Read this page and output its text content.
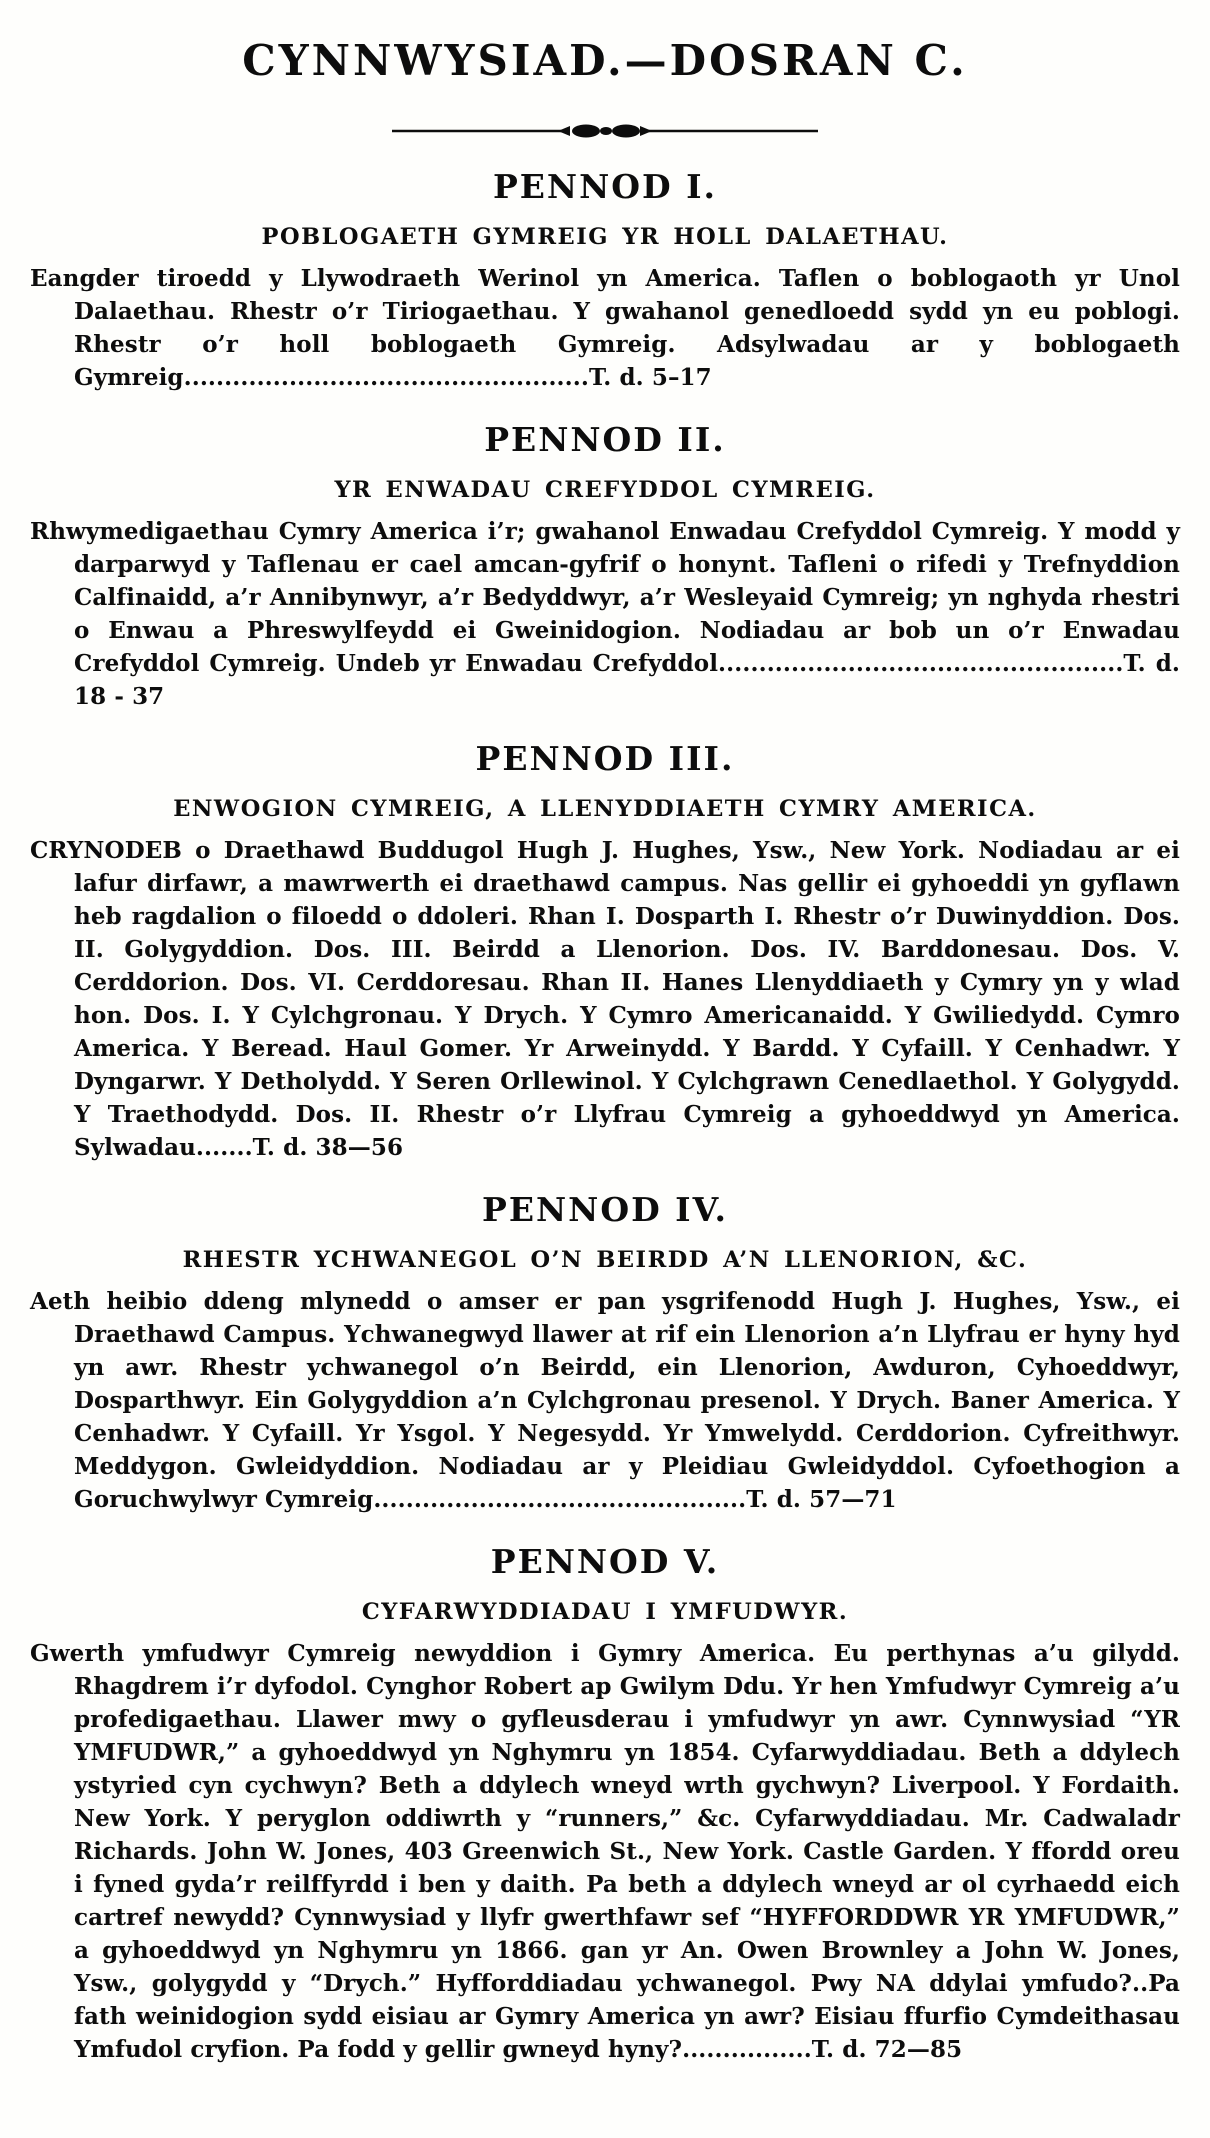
CYNNWYSIAD.—DOSRAN C.
PENNOD I.
POBLOGAETH GYMREIG YR HOLL DALAETHAU.

Eangder tiroedd y Llywodraeth Werinol yn America. Taflen o boblogaoth yr Unol Dalaethau. Rhestr o’r Tiriogaethau. Y gwahanol genedloedd sydd yn eu poblogi. Rhestr o’r holl boblogaeth Gymreig. Adsylwadau ar y boblogaeth Gymreig..................................................T. d. 5–17

PENNOD II.
YR ENWADAU CREFYDDOL CYMREIG.

Rhwymedigaethau Cymry America i’r; gwahanol Enwadau Crefyddol Cymreig. Y modd y darparwyd y Taflenau er cael amcan-gyfrif o honynt. Tafleni o rifedi y Trefnyddion Calfinaidd, a’r Annibynwyr, a’r Bedyddwyr, a’r Wesleyaid Cymreig; yn nghyda rhestri o Enwau a Phreswylfeydd ei Gweinidogion. Nodiadau ar bob un o’r Enwadau Crefyddol Cymreig. Undeb yr Enwadau Crefyddol..................................................T. d. 18 - 37

PENNOD III.
ENWOGION CYMREIG, A LLENYDDIAETH CYMRY AMERICA.

CRYNODEB o Draethawd Buddugol Hugh J. Hughes, Ysw., New York. Nodiadau ar ei lafur dirfawr, a mawrwerth ei draethawd campus. Nas gellir ei gyhoeddi yn gyflawn heb ragdalion o filoedd o ddoleri. Rhan I. Dosparth I. Rhestr o’r Duwinyddion. Dos. II. Golygyddion. Dos. III. Beirdd a Llenorion. Dos. IV. Barddonesau. Dos. V. Cerddorion. Dos. VI. Cerddoresau. Rhan II. Hanes Llenyddiaeth y Cymry yn y wlad hon. Dos. I. Y Cylchgronau. Y Drych. Y Cymro Americanaidd. Y Gwiliedydd. Cymro America. Y Beread. Haul Gomer. Yr Arweinydd. Y Bardd. Y Cyfaill. Y Cenhadwr. Y Dyngarwr. Y Detholydd. Y Seren Orllewinol. Y Cylchgrawn Cenedlaethol. Y Golygydd. Y Traethodydd. Dos. II. Rhestr o’r Llyfrau Cymreig a gyhoeddwyd yn America. Sylwadau.......T. d. 38—56

PENNOD IV.
RHESTR YCHWANEGOL O’N BEIRDD A’N LLENORION, &C.

Aeth heibio ddeng mlynedd o amser er pan ysgrifenodd Hugh J. Hughes, Ysw., ei Draethawd Campus. Ychwanegwyd llawer at rif ein Llenorion a’n Llyfrau er hyny hyd yn awr. Rhestr ychwanegol o’n Beirdd, ein Llenorion, Awduron, Cyhoeddwyr, Dosparthwyr. Ein Golygyddion a’n Cylchgronau presenol. Y Drych. Baner America. Y Cenhadwr. Y Cyfaill. Yr Ysgol. Y Negesydd. Yr Ymwelydd. Cerddorion. Cyfreithwyr. Meddygon. Gwleidyddion. Nodiadau ar y Pleidiau Gwleidyddol. Cyfoethogion a Goruchwylwyr Cymreig..............................................T. d. 57—71

PENNOD V.
CYFARWYDDIADAU I YMFUDWYR.

Gwerth ymfudwyr Cymreig newyddion i Gymry America. Eu perthynas a’u gilydd. Rhagdrem i’r dyfodol. Cynghor Robert ap Gwilym Ddu. Yr hen Ymfudwyr Cymreig a’u profedigaethau. Llawer mwy o gyfleusderau i ymfudwyr yn awr. Cynnwysiad “YR YMFUDWR,” a gyhoeddwyd yn Nghymru yn 1854. Cyfarwyddiadau. Beth a ddylech ystyried cyn cychwyn? Beth a ddylech wneyd wrth gychwyn? Liverpool. Y Fordaith. New York. Y peryglon oddiwrth y “runners,” &c. Cyfarwyddiadau. Mr. Cadwaladr Richards. John W. Jones, 403 Greenwich St., New York. Castle Garden. Y ffordd oreu i fyned gyda’r reilffyrdd i ben y daith. Pa beth a ddylech wneyd ar ol cyrhaedd eich cartref newydd? Cynnwysiad y llyfr gwerthfawr sef “HYFFORDDWR YR YMFUDWR,” a gyhoeddwyd yn Nghymru yn 1866. gan yr An. Owen Brownley a John W. Jones, Ysw., golygydd y “Drych.” Hyfforddiadau ychwanegol. Pwy NA ddylai ymfudo?..Pa fath weinidogion sydd eisiau ar Gymry America yn awr? Eisiau ffurfio Cymdeithasau Ymfudol cryfion. Pa fodd y gellir gwneyd hyny?................T. d. 72—85
